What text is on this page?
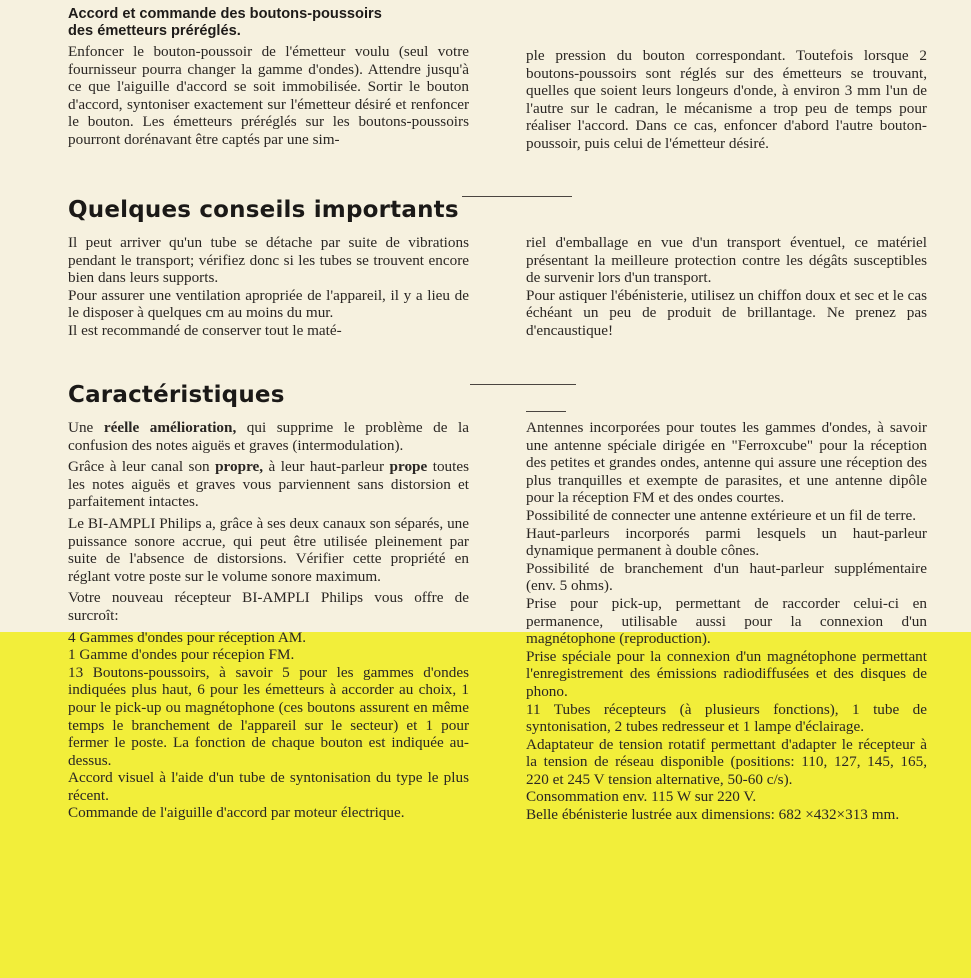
Accord et commande des boutons-poussoirs

des émetteurs préréglés.

Enfoncer le bouton-poussoir de l'émetteur voulu (seul votre fournisseur pourra changer la gamme d'ondes). Attendre jusqu'à ce que l'aiguille d'accord se soit immobilisée. Sortir le bouton d'accord, syntoniser exactement sur l'émetteur désiré et renfoncer le bouton. Les émetteurs préréglés sur les boutons-poussoirs pourront dorénavant être captés par une sim-

ple pression du bouton correspondant. Toutefois lorsque 2 boutons-poussoirs sont réglés sur des émetteurs se trouvant, quelles que soient leurs longeurs d'onde, à environ 3 mm l'un de l'autre sur le cadran, le mécanisme a trop peu de temps pour réaliser l'accord. Dans ce cas, enfoncer d'abord l'autre bouton-poussoir, puis celui de l'émetteur désiré.

Quelques conseils importants

Il peut arriver qu'un tube se détache par suite de vibrations pendant le transport; vérifiez donc si les tubes se trouvent encore bien dans leurs supports.

Pour assurer une ventilation apropriée de l'appareil, il y a lieu de le disposer à quelques cm au moins du mur.

Il est recommandé de conserver tout le maté-

riel d'emballage en vue d'un transport éventuel, ce matériel présentant la meilleure protection contre les dégâts susceptibles de survenir lors d'un transport.

Pour astiquer l'ébénisterie, utilisez un chiffon doux et sec et le cas échéant un peu de produit de brillantage. Ne prenez pas d'encaustique!

Caractéristiques

Une réelle amélioration, qui supprime le problème de la confusion des notes aiguës et graves (intermodulation).

Grâce à leur canal son propre, à leur haut-parleur prope toutes les notes aiguës et graves vous parviennent sans distorsion et parfaitement intactes.

Le BI-AMPLI Philips a, grâce à ses deux canaux son séparés, une puissance sonore accrue, qui peut être utilisée pleinement par suite de l'absence de distorsions. Vérifier cette propriété en réglant votre poste sur le volume sonore maximum.

Votre nouveau récepteur BI-AMPLI Philips vous offre de surcroît:

4 Gammes d'ondes pour réception AM.

1 Gamme d'ondes pour récepion FM.

13 Boutons-poussoirs, à savoir 5 pour les gammes d'ondes indiquées plus haut, 6 pour les émetteurs à accorder au choix, 1 pour le pick-up ou magnétophone (ces boutons assurent en même temps le branchement de l'appareil sur le secteur) et 1 pour fermer le poste. La fonction de chaque bouton est indiquée au-dessus.

Accord visuel à l'aide d'un tube de syntonisation du type le plus récent.

Commande de l'aiguille d'accord par moteur électrique.

Antennes incorporées pour toutes les gammes d'ondes, à savoir une antenne spéciale dirigée en "Ferroxcube" pour la réception des petites et grandes ondes, antenne qui assure une réception des plus tranquilles et exempte de parasites, et une antenne dipôle pour la réception FM et des ondes courtes.

Possibilité de connecter une antenne extérieure et un fil de terre.

Haut-parleurs incorporés parmi lesquels un haut-parleur dynamique permanent à double cônes.

Possibilité de branchement d'un haut-parleur supplémentaire (env. 5 ohms).

Prise pour pick-up, permettant de raccorder celui-ci en permanence, utilisable aussi pour la connexion d'un magnétophone (reproduction).

Prise spéciale pour la connexion d'un magnétophone permettant l'enregistrement des émissions radiodiffusées et des disques de phono.

11 Tubes récepteurs (à plusieurs fonctions), 1 tube de syntonisation, 2 tubes redresseur et 1 lampe d'éclairage.

Adaptateur de tension rotatif permettant d'adapter le récepteur à la tension de réseau disponible (positions: 110, 127, 145, 165, 220 et 245 V tension alternative, 50-60 c/s).

Consommation env. 115 W sur 220 V.

Belle ébénisterie lustrée aux dimensions: 682 ×432×313 mm.
